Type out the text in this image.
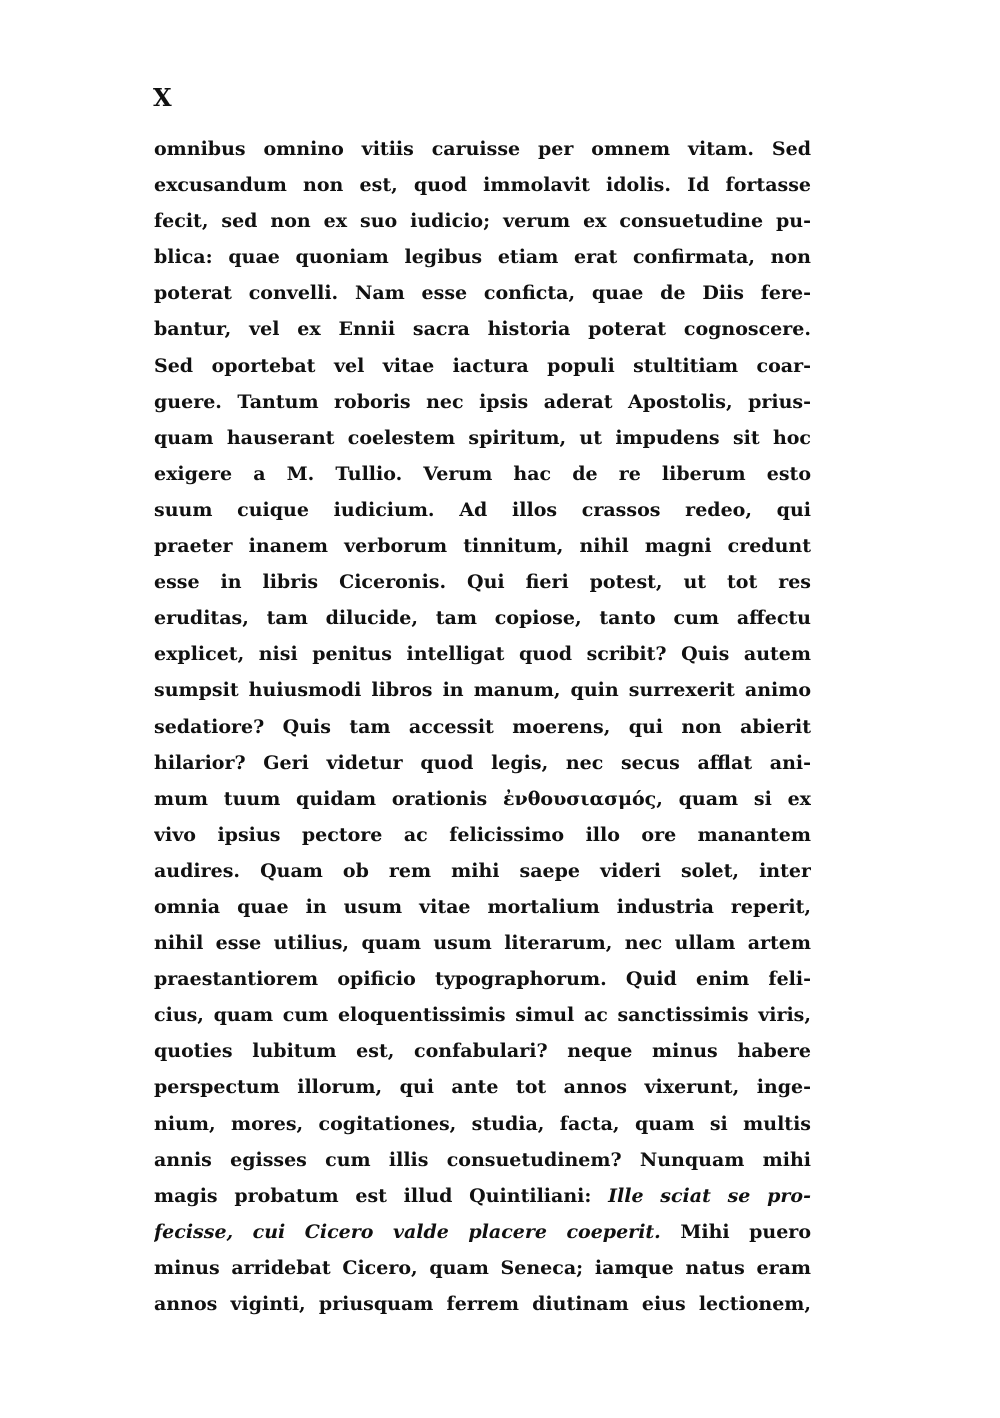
X
omnibus omnino vitiis caruisse per omnem vitam. Sed
excusandum non est, quod immolavit idolis. Id fortasse
fecit, sed non ex suo iudicio; verum ex consuetudine pu-
blica: quae quoniam legibus etiam erat confirmata, non
poterat convelli. Nam esse conficta, quae de Diis fere-
bantur, vel ex Ennii sacra historia poterat cognoscere.
Sed oportebat vel vitae iactura populi stultitiam coar-
guere. Tantum roboris nec ipsis aderat Apostolis, prius-
quam hauserant coelestem spiritum, ut impudens sit hoc
exigere a M. Tullio. Verum hac de re liberum esto
suum cuique iudicium. Ad illos crassos redeo, qui
praeter inanem verborum tinnitum, nihil magni credunt
esse in libris Ciceronis. Qui fieri potest, ut tot res
eruditas, tam dilucide, tam copiose, tanto cum affectu
explicet, nisi penitus intelligat quod scribit? Quis autem
sumpsit huiusmodi libros in manum, quin surrexerit animo
sedatiore? Quis tam accessit moerens, qui non abierit
hilarior? Geri videtur quod legis, nec secus afflat ani-
mum tuum quidam orationis ἐνθουσιασμός, quam si ex
vivo ipsius pectore ac felicissimo illo ore manantem
audires. Quam ob rem mihi saepe videri solet, inter
omnia quae in usum vitae mortalium industria reperit,
nihil esse utilius, quam usum literarum, nec ullam artem
praestantiorem opificio typographorum. Quid enim feli-
cius, quam cum eloquentissimis simul ac sanctissimis viris,
quoties lubitum est, confabulari? neque minus habere
perspectum illorum, qui ante tot annos vixerunt, inge-
nium, mores, cogitationes, studia, facta, quam si multis
annis egisses cum illis consuetudinem? Nunquam mihi
magis probatum est illud Quintiliani: Ille sciat se pro-
fecisse, cui Cicero valde placere coeperit. Mihi puero
minus arridebat Cicero, quam Seneca; iamque natus eram
annos viginti, priusquam ferrem diutinam eius lectionem,
